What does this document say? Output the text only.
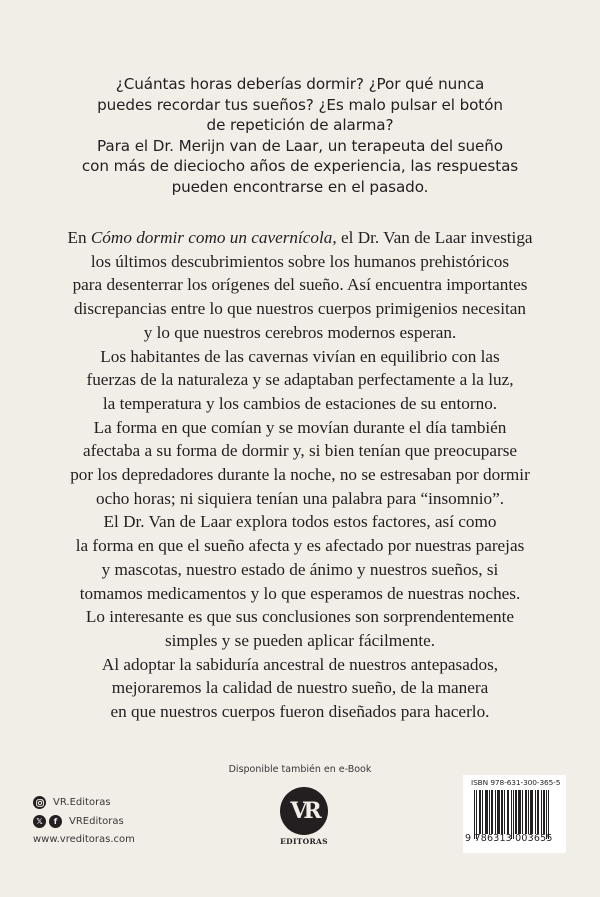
¿Cuántas horas deberías dormir? ¿Por qué nunca

puedes recordar tus sueños? ¿Es malo pulsar el botón

de repetición de alarma?

Para el Dr. Merijn van de Laar, un terapeuta del sueño

con más de dieciocho años de experiencia, las respuestas

pueden encontrarse en el pasado.

En Cómo dormir como un cavernícola, el Dr. Van de Laar investiga
los últimos descubrimientos sobre los humanos prehistóricos
para desenterrar los orígenes del sueño. Así encuentra importantes
discrepancias entre lo que nuestros cuerpos primigenios necesitan
y lo que nuestros cerebros modernos esperan.
Los habitantes de las cavernas vivían en equilibrio con las
fuerzas de la naturaleza y se adaptaban perfectamente a la luz,
la temperatura y los cambios de estaciones de su entorno.
La forma en que comían y se movían durante el día también
afectaba a su forma de dormir y, si bien tenían que preocuparse
por los depredadores durante la noche, no se estresaban por dormir
ocho horas; ni siquiera tenían una palabra para “insomnio”.
El Dr. Van de Laar explora todos estos factores, así como
la forma en que el sueño afecta y es afectado por nuestras parejas
y mascotas, nuestro estado de ánimo y nuestros sueños, si
tomamos medicamentos y lo que esperamos de nuestras noches.
Lo interesante es que sus conclusiones son sorprendentemente
simples y se pueden aplicar fácilmente.
Al adoptar la sabiduría ancestral de nuestros antepasados,
mejoraremos la calidad de nuestro sueño, de la manera
en que nuestros cuerpos fueron diseñados para hacerlo.
Disponible también en e-Book
VR
EDITORAS
VR.Editoras
𝕏	f	VREditoras
www.vreditoras.com
ISBN 978-631-300-365-5
9 786313 003655
